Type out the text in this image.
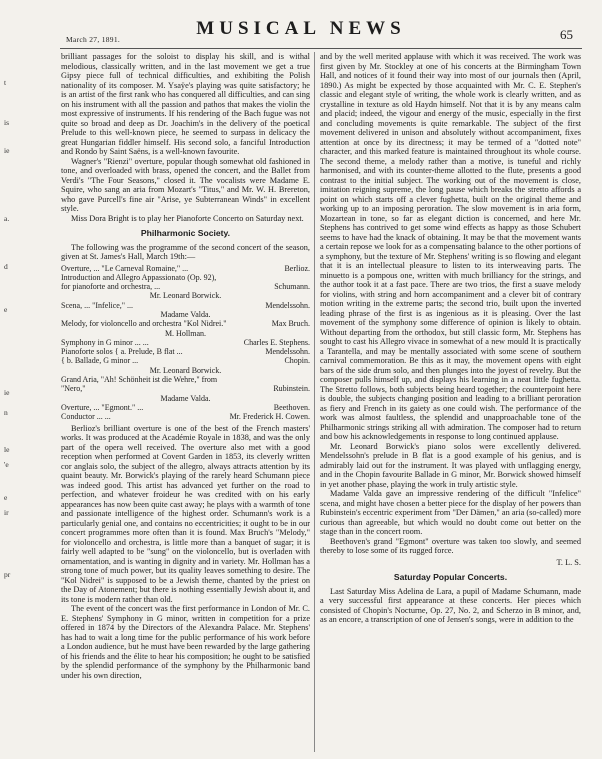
March 27, 1891.
MUSICAL NEWS	65
t
is
ie
a.
d
e
ie
n
le
'e
e
ir
pr

brilliant passages for the soloist to display his skill, and is withal melodious, classically written, and in the last movement we get a true Gipsy piece full of technical difficulties, and exhibiting the Polish nationality of its composer. M. Ysaÿe's playing was quite satisfactory; he is an artist of the first rank who has conquered all difficulties, and can sing on his instrument with all the passion and pathos that makes the violin the most expressive of instruments. If his rendering of the Bach fugue was not quite so broad and deep as Dr. Joachim's in the delivery of the poetical Prelude to this well-known piece, he seemed to surpass in delicacy the great Hungarian fiddler himself. His second solo, a fanciful Introduction and Rondo by Saint Saëns, is a well-known favourite.

Wagner's "Rienzi" overture, popular though somewhat old fashioned in tone, and overloaded with brass, opened the concert, and the Ballet from Verdi's "The Four Seasons," closed it. The vocalists were Madame E. Squire, who sang an aria from Mozart's "Titus," and Mr. W. H. Brereton, who gave Purcell's fine air "Arise, ye Subterranean Winds" in excellent style.

Miss Dora Bright is to play her Pianoforte Concerto on Saturday next.

Philharmonic Society.

The following was the programme of the second concert of the season, given at St. James's Hall, March 19th:—

Overture, ... "Le Carneval Romaine," ...	Berlioz.
Introduction and Allegro Appassionato (Op. 92),
for pianoforte and orchestra, ...	Schumann.
Mr. Leonard Borwick.
Scena, ... "Infelice," ...	Mendelssohn.
Madame Valda.
Melody, for violoncello and orchestra "Kol Nidrei."	Max Bruch.
M. Hollman.
Symphony in G minor ... ...	Charles E. Stephens.
Pianoforte solos { a. Prelude, B flat ...	Mendelssohn.
{ b. Ballade, G minor ...	Chopin.
Mr. Leonard Borwick.
Grand Aria, "Ah! Schönheit ist die Wehre," from
"Nero,"	Rubinstein.
Madame Valda.
Overture, ... "Egmont." ...	Beethoven.
Conductor ... ...	Mr. Frederick H. Cowen.

Berlioz's brilliant overture is one of the best of the French masters' works. It was produced at the Académie Royale in 1838, and was the only part of the opera well received. The overture also met with a good reception when performed at Covent Garden in 1853, its cleverly written cor anglais solo, the subject of the allegro, always attracts attention by its quaint beauty. Mr. Borwick's playing of the rarely heard Schumann piece was indeed good. This artist has advanced yet further on the road to perfection, and whatever froideur he was credited with on his early appearances has now been quite cast away; he plays with a warmth of tone and passionate intelligence of the highest order. Schumann's work is a particularly genial one, and contains no eccentricities; it ought to be in our concert programmes more often than it is found. Max Bruch's "Melody," for violoncello and orchestra, is little more than a banquet of sugar; it is fairly well adapted to be "sung" on the violoncello, but is overladen with ornamentation, and is wanting in dignity and in variety. Mr. Hollman has a strong tone of much power, but its quality leaves something to desire. The "Kol Nidrei" is supposed to be a Jewish theme, chanted by the priest on the Day of Atonement; but there is nothing essentially Jewish about it, and its tone is modern rather than old.

The event of the concert was the first performance in London of Mr. C. E. Stephens' Symphony in G minor, written in competition for a prize offered in 1874 by the Directors of the Alexandra Palace. Mr. Stephens' has had to wait a long time for the public performance of his work before a London audience, but he must have been rewarded by the large gathering of his friends and the élite to hear his composition; he ought to be satisfied by the splendid performance of the symphony by the Philharmonic band under his own direction,

and by the well merited applause with which it was received. The work was first given by Mr. Stockley at one of his concerts at the Birmingham Town Hall, and notices of it found their way into most of our journals then (April, 1890.) As might be expected by those acquainted with Mr. C. E. Stephen's classic and elegant style of writing, the whole work is clearly written, and as crystalline in texture as old Haydn himself. Not that it is by any means calm and placid; indeed, the vigour and energy of the music, especially in the first and concluding movements is quite remarkable. The subject of the first movement delivered in unison and absolutely without accompaniment, fixes attention at once by its directness; it may be termed of a "dotted note" character, and this marked feature is maintained throughout its whole course. The second theme, a melody rather than a motive, is tuneful and richly harmonised, and with its counter-theme allotted to the flute, presents a good contrast to the initial subject. The working out of the movement is close, imitation reigning supreme, the long pause which breaks the stretto affords a point on which starts off a clever fughetta, built on the original theme and working up to an imposing peroration. The slow movement is in aria form, Mozartean in tone, so far as elegant diction is concerned, and here Mr. Stephens has contrived to get some wind effects as happy as those Schubert seems to have had the knack of obtaining. It may be that the movement wants a certain repose we look for as a compensating balance to the other portions of a symphony, but the texture of Mr. Stephens' writing is so flowing and elegant that it is an intellectual pleasure to listen to its interweaving parts. The minuetto is a pompous one, written with much brilliancy for the strings, and the author took it at a fast pace. There are two trios, the first a suave melody for violins, with string and horn accompaniment and a clever bit of contrary motion writing in the extreme parts; the second trio, built upon the inverted leading phrase of the first is as ingenious as it is pleasing. Over the last movement of the symphony some difference of opinion is likely to obtain. Without departing from the orthodox, but still classic form, Mr. Stephens has sought to cast his Allegro vivace in somewhat of a new mould It is practically a Tarantella, and may be mentally associated with some scene of southern carnival commemoration. Be this as it may, the movement opens with eight bars of the side drum solo, and then plunges into the joyest of revelry. But the composer pulls himself up, and displays his learning in a neat little fughetta. The Stretto follows, both subjects being heard together; the counterpoint here is double, the subjects changing position and leading to a brilliant peroration as fiery and French in its gaiety as one could wish. The performance of the work was almost faultless, the splendid and unapproachable tone of the Philharmonic strings striking all with admiration. The composer had to return and bow his acknowledgements in response to long continued applause.

Mr. Leonard Borwick's piano solos were excellently delivered. Mendelssohn's prelude in B flat is a good example of his genius, and is admirably laid out for the instrument. It was played with unflagging energy, and in the Chopin favourite Ballade in G minor, Mr. Borwick showed himself in yet another phase, playing the work in truly artistic style.

Madame Valda gave an impressive rendering of the difficult "Infelice" scena, and might have chosen a better piece for the display of her powers than Rubinstein's eccentric experiment from "Der Dämen," an aria (so-called) more curious than agreeable, but which would no doubt come out better on the stage than in the concert room.

Beethoven's grand "Egmont" overture was taken too slowly, and seemed thereby to lose some of its rugged force.

T. L. S.
Saturday Popular Concerts.

Last Saturday Miss Adelina de Lara, a pupil of Madame Schumann, made a very successful first appearance at these concerts. Her pieces which consisted of Chopin's Nocturne, Op. 27, No. 2, and Scherzo in B minor, and, as an encore, a transcription of one of Jensen's songs, were in addition to the
